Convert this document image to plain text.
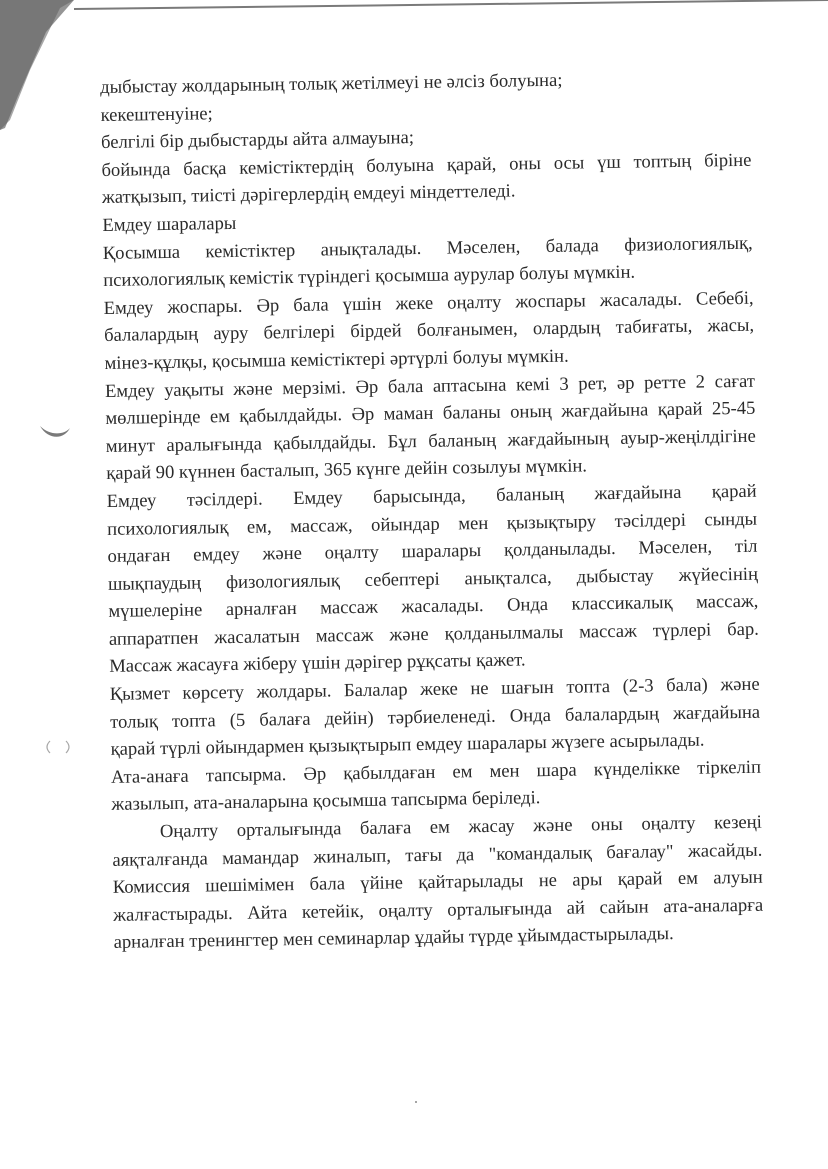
дыбыстау жолдарының толық жетілмеуі не әлсіз болуына;
кекештенуіне;
белгілі бір дыбыстарды айта алмауына;
бойында басқа кемістіктердің болуына қарай, оны осы үш топтың біріне
жатқызып, тиісті дәрігерлердің емдеуі міндеттеледі.
Емдеу шаралары
Қосымша кемістіктер анықталады. Мәселен, балада физиологиялық,
психологиялық кемістік түріндегі қосымша аурулар болуы мүмкін.
Емдеу жоспары. Әр бала үшін жеке оңалту жоспары жасалады. Себебі,
балалардың ауру белгілері бірдей болғанымен, олардың табиғаты, жасы,
мінез-құлқы, қосымша кемістіктері әртүрлі болуы мүмкін.
Емдеу уақыты және мерзімі. Әр бала аптасына кемі 3 рет, әр ретте 2 сағат
мөлшерінде ем қабылдайды. Әр маман баланы оның жағдайына қарай 25-45
минут аралығында қабылдайды. Бұл баланың жағдайының ауыр-жеңілдігіне
қарай 90 күннен басталып, 365 күнге дейін созылуы мүмкін.
Емдеу тәсілдері. Емдеу барысында, баланың жағдайына қарай
психологиялық ем, массаж, ойындар мен қызықтыру тәсілдері сынды
ондаған емдеу және оңалту шаралары қолданылады. Мәселен, тіл
шықпаудың физологиялық себептері анықталса, дыбыстау жүйесінің
мүшелеріне арналған массаж жасалады. Онда классикалық массаж,
аппаратпен жасалатын массаж және қолданылмалы массаж түрлері бар.
Массаж жасауға жіберу үшін дәрігер рұқсаты қажет.
Қызмет көрсету жолдары. Балалар жеке не шағын топта (2-3 бала) және
толық топта (5 балаға дейін) тәрбиеленеді. Онда балалардың жағдайына
қарай түрлі ойындармен қызықтырып емдеу шаралары жүзеге асырылады.
Ата-анаға тапсырма. Әр қабылдаған ем мен шара күнделікке тіркеліп
жазылып, ата-аналарына қосымша тапсырма беріледі.
Оңалту орталығында балаға ем жасау және оны оңалту кезеңі
аяқталғанда мамандар жиналып, тағы да "командалық бағалау" жасайды.
Комиссия шешімімен бала үйіне қайтарылады не ары қарай ем алуын
жалғастырады. Айта кетейік, оңалту орталығында ай сайын ата-аналарға
арналған тренингтер мен семинарлар ұдайы түрде ұйымдастырылады.
